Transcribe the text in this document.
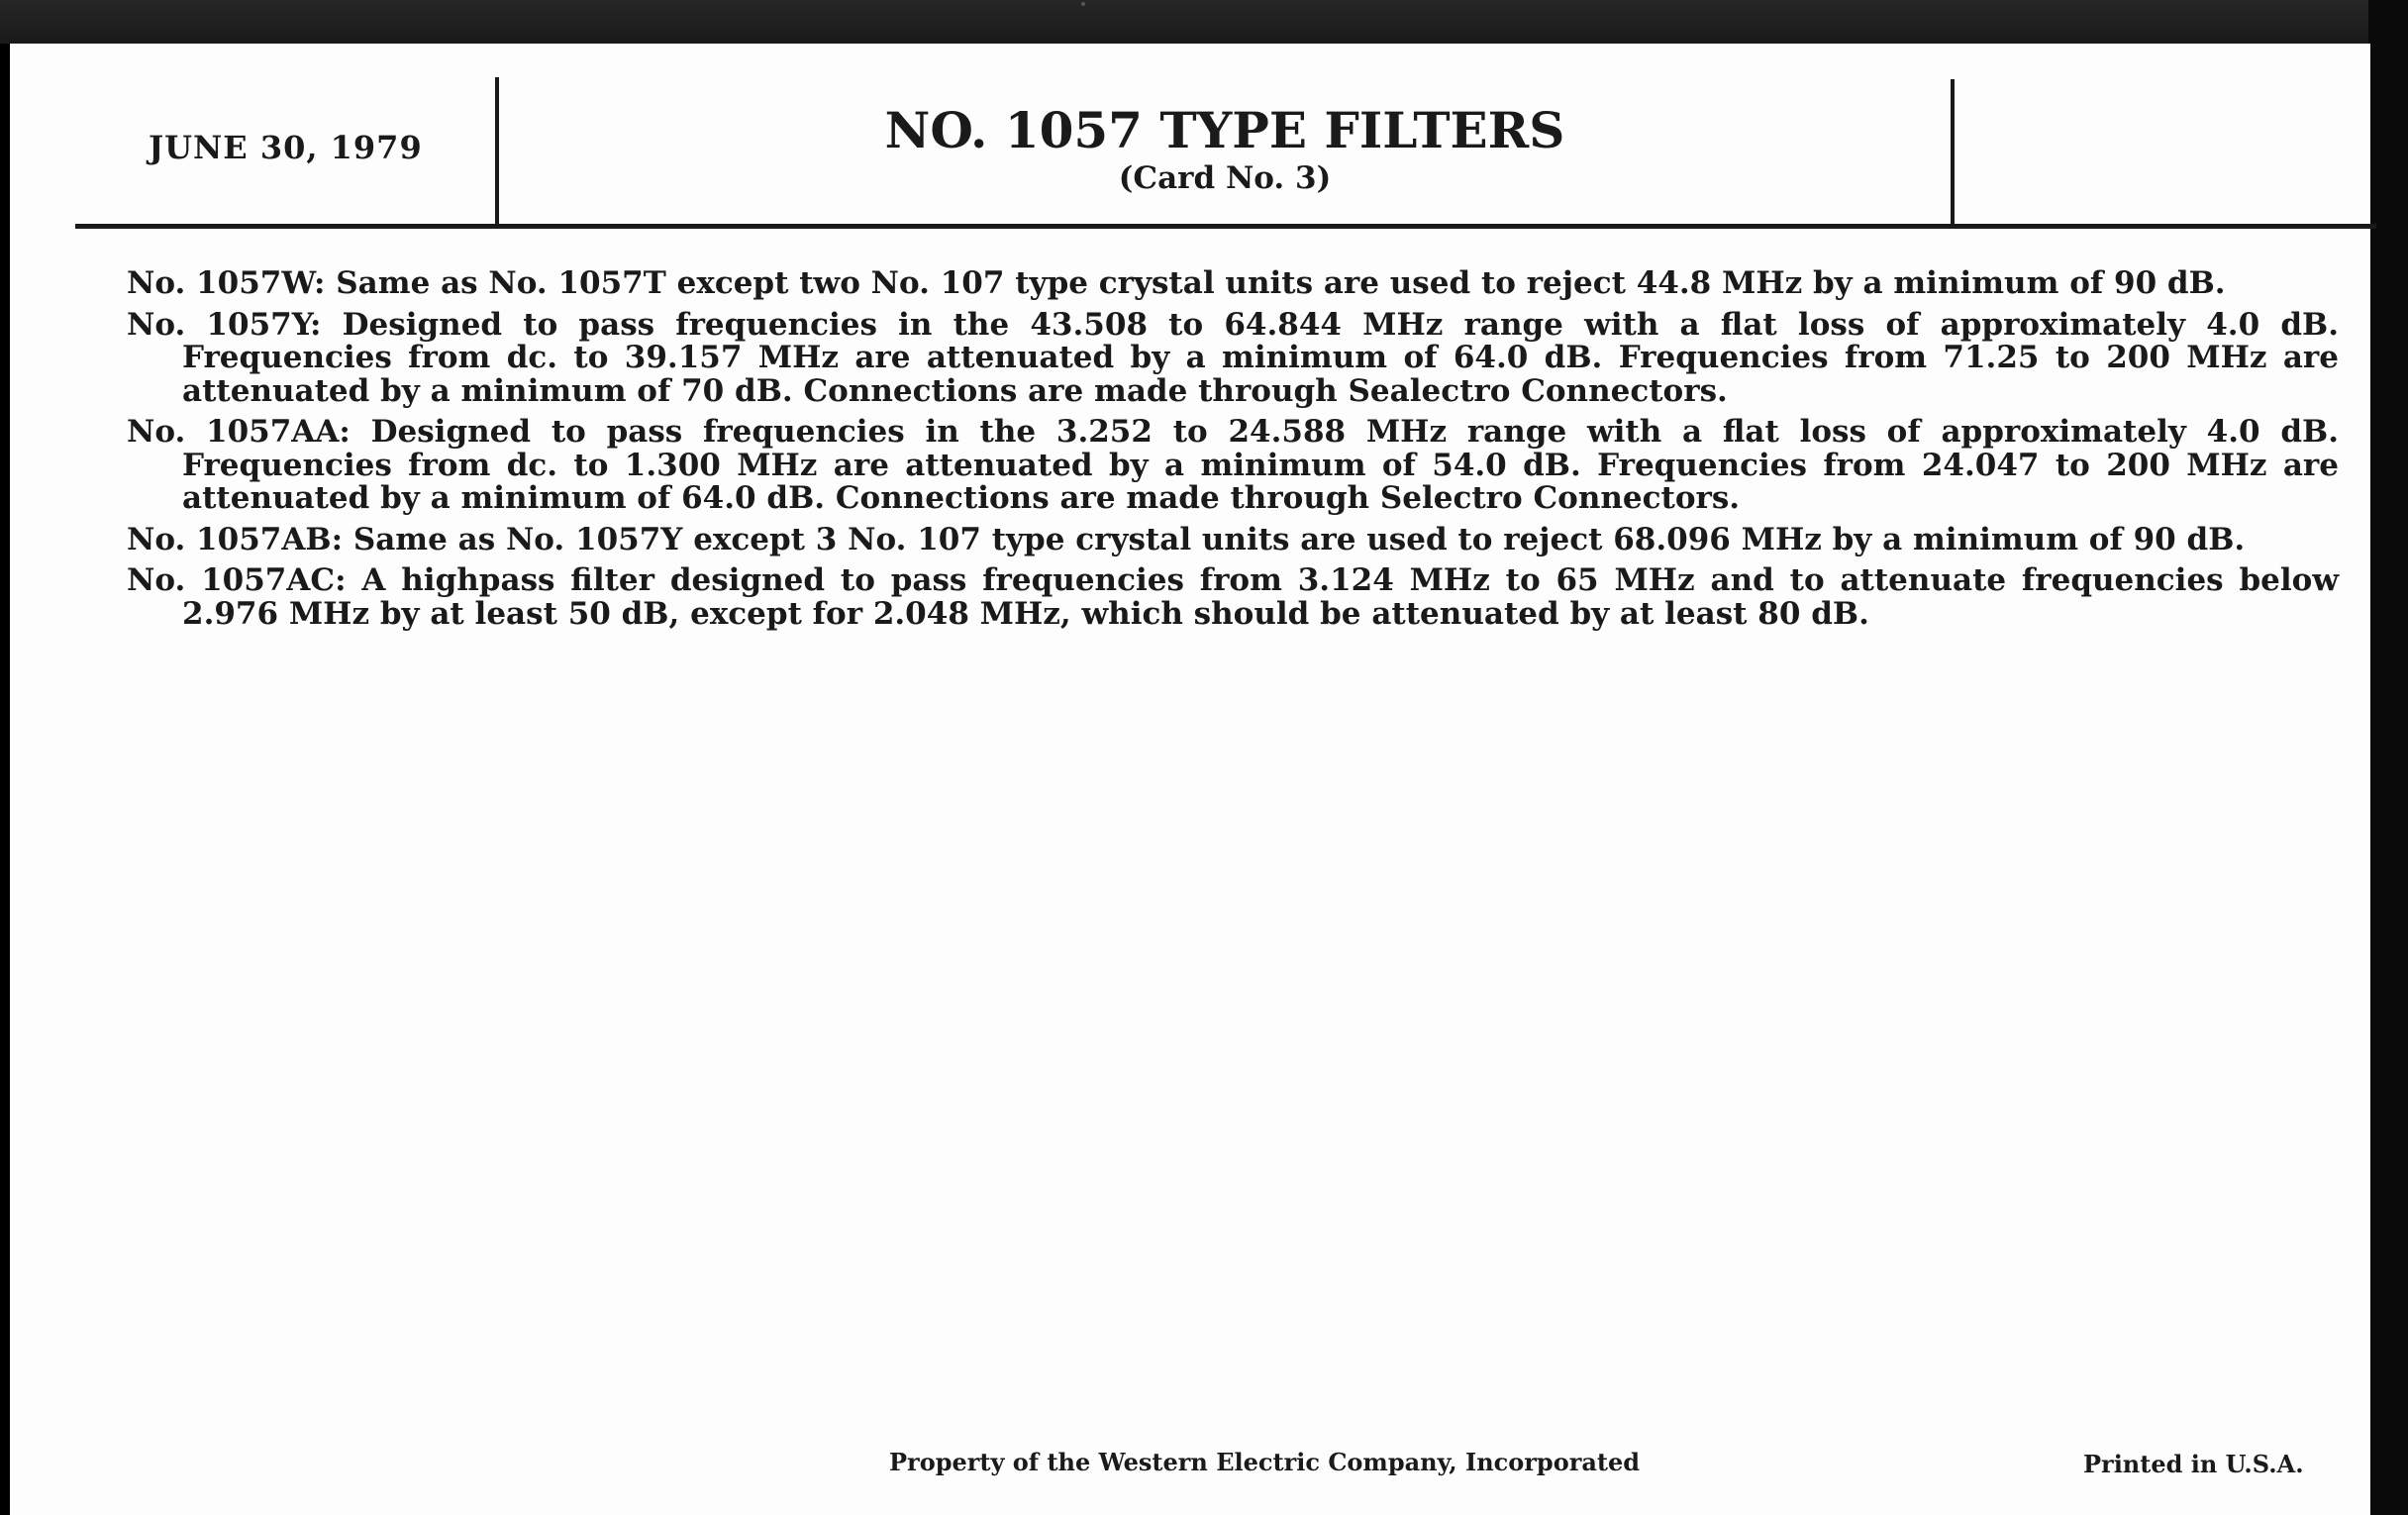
JUNE 30, 1979	NO. 1057 TYPE FILTERS
(Card No. 3)

No. 1057W: Same as No. 1057T except two No. 107 type crystal units are used to reject 44.8 MHz by a minimum of 90 dB.

No. 1057Y: Designed to pass frequencies in the 43.508 to 64.844 MHz range with a flat loss of approximately 4.0 dB. Frequencies from dc. to 39.157 MHz are attenuated by a minimum of 64.0 dB. Frequencies from 71.25 to 200 MHz are attenuated by a minimum of 70 dB. Connections are made through Sealectro Connectors.

No. 1057AA: Designed to pass frequencies in the 3.252 to 24.588 MHz range with a flat loss of approximately 4.0 dB. Frequencies from dc. to 1.300 MHz are attenuated by a minimum of 54.0 dB. Frequencies from 24.047 to 200 MHz are attenuated by a minimum of 64.0 dB. Connections are made through Selectro Connectors.

No. 1057AB: Same as No. 1057Y except 3 No. 107 type crystal units are used to reject 68.096 MHz by a minimum of 90 dB.

No. 1057AC: A highpass filter designed to pass frequencies from 3.124 MHz to 65 MHz and to attenuate frequencies below 2.976 MHz by at least 50 dB, except for 2.048 MHz, which should be attenuated by at least 80 dB.

Property of the Western Electric Company, Incorporated	Printed in U.S.A.
